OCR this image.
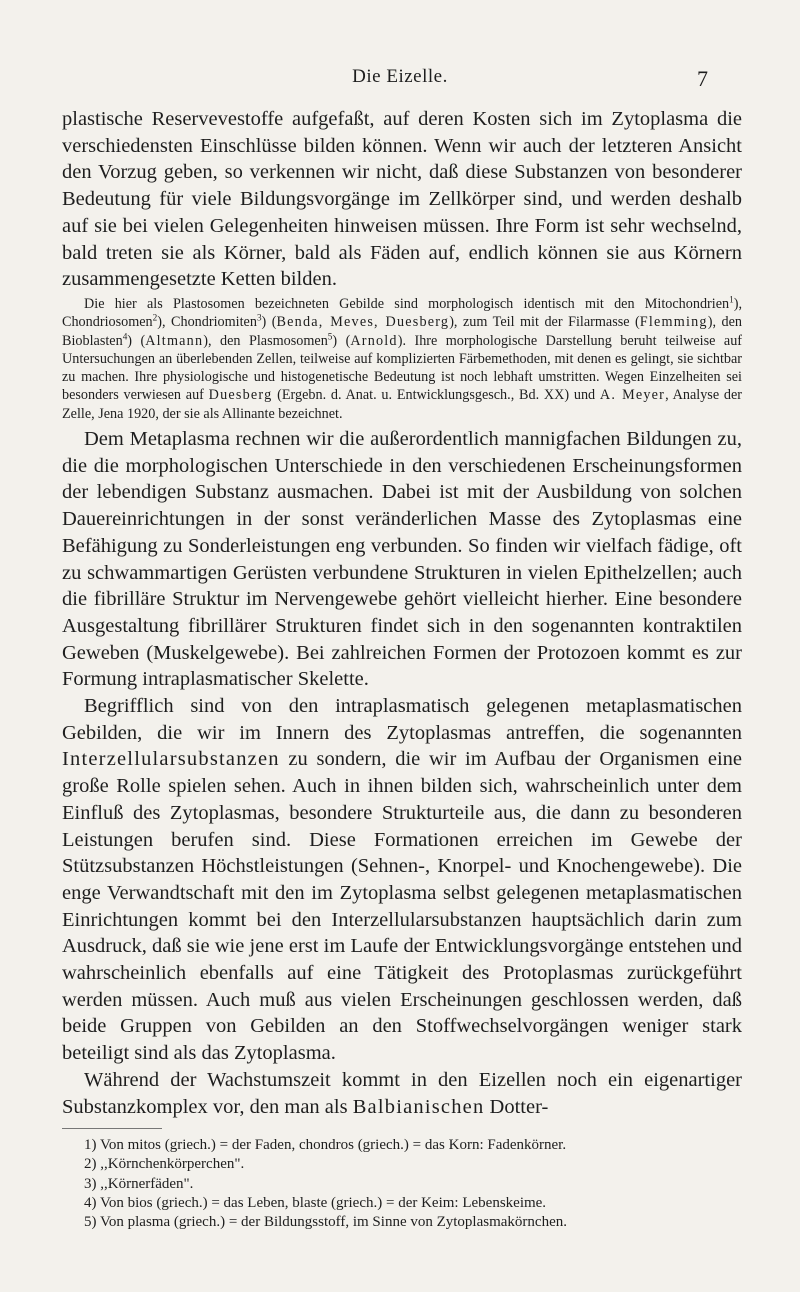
Die Eizelle.	7

plastische Reservevestoffe aufgefaßt, auf deren Kosten sich im Zytoplasma die verschiedensten Einschlüsse bilden können. Wenn wir auch der letzteren Ansicht den Vorzug geben, so verkennen wir nicht, daß diese Substanzen von besonderer Bedeutung für viele Bildungsvorgänge im Zellkörper sind, und werden deshalb auf sie bei vielen Gelegenheiten hinweisen müssen. Ihre Form ist sehr wechselnd, bald treten sie als Körner, bald als Fäden auf, endlich können sie aus Körnern zusammengesetzte Ketten bilden.

Die hier als Plastosomen bezeichneten Gebilde sind morphologisch identisch mit den Mitochondrien$^1$), Chondriosomen$^2$), Chondriomiten$^3$) (Benda, Meves, Duesberg), zum Teil mit der Filarmasse (Flemming), den Bioblasten$^4$) (Altmann), den Plasmosomen$^5$) (Arnold). Ihre morphologische Darstellung beruht teilweise auf Untersuchungen an überlebenden Zellen, teilweise auf komplizierten Färbemethoden, mit denen es gelingt, sie sichtbar zu machen. Ihre physiologische und histogenetische Bedeutung ist noch lebhaft umstritten. Wegen Einzelheiten sei besonders verwiesen auf Duesberg (Ergebn. d. Anat. u. Entwicklungsgesch., Bd. XX) und A. Meyer, Analyse der Zelle, Jena 1920, der sie als Allinante bezeichnet.

Dem Metaplasma rechnen wir die außerordentlich mannigfachen Bildungen zu, die die morphologischen Unterschiede in den verschiedenen Erscheinungsformen der lebendigen Substanz ausmachen. Dabei ist mit der Ausbildung von solchen Dauereinrichtungen in der sonst veränderlichen Masse des Zytoplasmas eine Befähigung zu Sonderleistungen eng verbunden. So finden wir vielfach fädige, oft zu schwammartigen Gerüsten verbundene Strukturen in vielen Epithelzellen; auch die fibrilläre Struktur im Nervengewebe gehört vielleicht hierher. Eine besondere Ausgestaltung fibrillärer Strukturen findet sich in den sogenannten kontraktilen Geweben (Muskelgewebe). Bei zahlreichen Formen der Protozoen kommt es zur Formung intraplasmatischer Skelette.

Begrifflich sind von den intraplasmatisch gelegenen metaplasmatischen Gebilden, die wir im Innern des Zytoplasmas antreffen, die sogenannten Interzellularsubstanzen zu sondern, die wir im Aufbau der Organismen eine große Rolle spielen sehen. Auch in ihnen bilden sich, wahrscheinlich unter dem Einfluß des Zytoplasmas, besondere Strukturteile aus, die dann zu besonderen Leistungen berufen sind. Diese Formationen erreichen im Gewebe der Stützsubstanzen Höchstleistungen (Sehnen-, Knorpel- und Knochengewebe). Die enge Verwandtschaft mit den im Zytoplasma selbst gelegenen metaplasmatischen Einrichtungen kommt bei den Interzellularsubstanzen hauptsächlich darin zum Ausdruck, daß sie wie jene erst im Laufe der Entwicklungsvorgänge entstehen und wahrscheinlich ebenfalls auf eine Tätigkeit des Protoplasmas zurückgeführt werden müssen. Auch muß aus vielen Erscheinungen geschlossen werden, daß beide Gruppen von Gebilden an den Stoffwechselvorgängen weniger stark beteiligt sind als das Zytoplasma.

Während der Wachstumszeit kommt in den Eizellen noch ein eigenartiger Substanzkomplex vor, den man als Balbianischen Dotter-

1) Von mitos (griech.) = der Faden, chondros (griech.) = das Korn: Fadenkörner.

2) ,,Körnchenkörperchen".

3) ,,Körnerfäden".

4) Von bios (griech.) = das Leben, blaste (griech.) = der Keim: Lebenskeime.

5) Von plasma (griech.) = der Bildungsstoff, im Sinne von Zytoplasmakörnchen.
